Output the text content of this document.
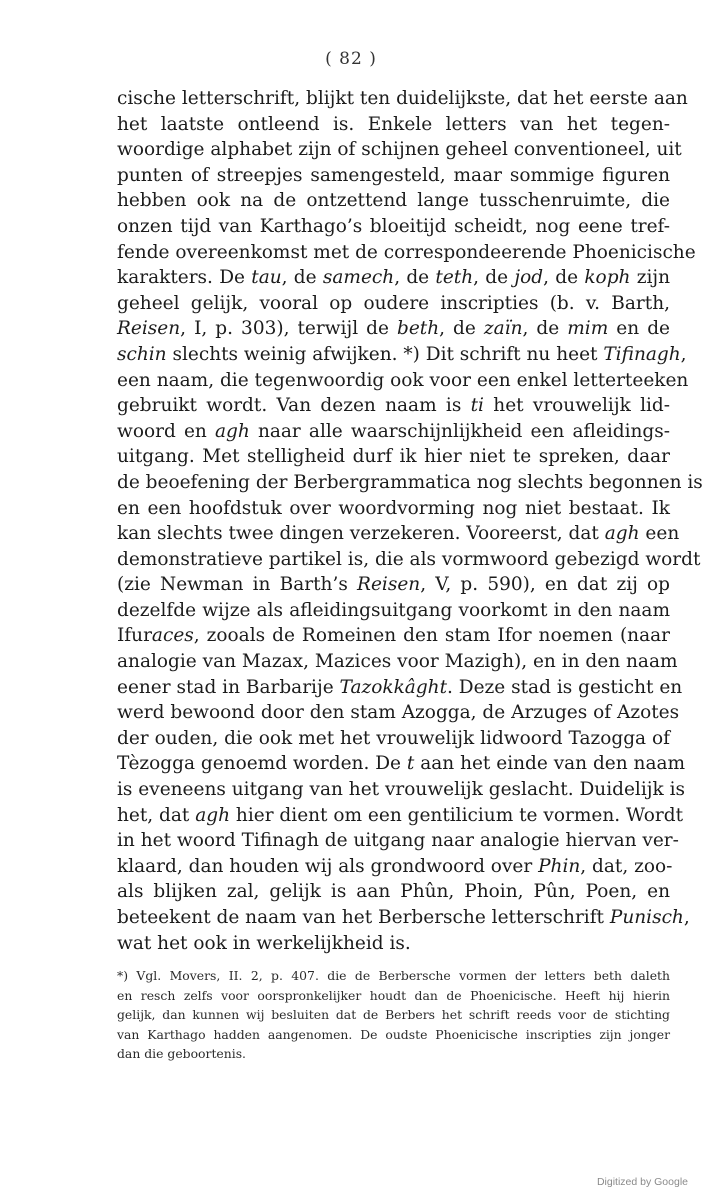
( 82 )
cische letterschrift, blijkt ten duidelijkste, dat het eerste aan
het laatste ontleend is. Enkele letters van het tegen-
woordige alphabet zijn of schijnen geheel conventioneel, uit
punten of streepjes samengesteld, maar sommige figuren
hebben ook na de ontzettend lange tusschenruimte, die
onzen tijd van Karthago’s bloeitijd scheidt, nog eene tref-
fende overeenkomst met de correspondeerende Phoenicische
karakters. De tau, de samech, de teth, de jod, de koph zijn
geheel gelijk, vooral op oudere inscripties (b. v. Barth,
Reisen, I, p. 303), terwijl de beth, de zaïn, de mim en de
schin slechts weinig afwijken. *) Dit schrift nu heet Tifinagh,
een naam, die tegenwoordig ook voor een enkel letterteeken
gebruikt wordt. Van dezen naam is ti het vrouwelijk lid-
woord en agh naar alle waarschijnlijkheid een afleidings-
uitgang. Met stelligheid durf ik hier niet te spreken, daar
de beoefening der Berbergrammatica nog slechts begonnen is
en een hoofdstuk over woordvorming nog niet bestaat. Ik
kan slechts twee dingen verzekeren. Vooreerst, dat agh een
demonstratieve partikel is, die als vormwoord gebezigd wordt
(zie Newman in Barth’s Reisen, V, p. 590), en dat zij op
dezelfde wijze als afleidingsuitgang voorkomt in den naam
Ifuraces, zooals de Romeinen den stam Ifor noemen (naar
analogie van Mazax, Mazices voor Mazigh), en in den naam
eener stad in Barbarije Tazokkâght. Deze stad is gesticht en
werd bewoond door den stam Azogga, de Arzuges of Azotes
der ouden, die ook met het vrouwelijk lidwoord Tazogga of
Tèzogga genoemd worden. De t aan het einde van den naam
is eveneens uitgang van het vrouwelijk geslacht. Duidelijk is
het, dat agh hier dient om een gentilicium te vormen. Wordt
in het woord Tifinagh de uitgang naar analogie hiervan ver-
klaard, dan houden wij als grondwoord over Phin, dat, zoo-
als blijken zal, gelijk is aan Phûn, Phoin, Pûn, Poen, en
beteekent de naam van het Berbersche letterschrift Punisch,
wat het ook in werkelijkheid is.
*) Vgl. Movers, II. 2, p. 407. die de Berbersche vormen der letters beth daleth
en resch zelfs voor oorspronkelijker houdt dan de Phoenicische. Heeft hij hierin
gelijk, dan kunnen wij besluiten dat de Berbers het schrift reeds voor de stichting
van Karthago hadden aangenomen. De oudste Phoenicische inscripties zijn jonger
dan die geboortenis.
Digitized by Google
